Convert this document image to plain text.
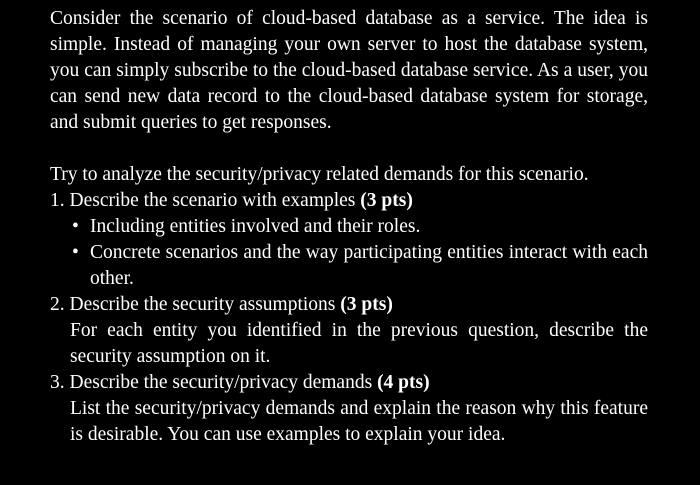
Consider the scenario of cloud-based database as a service. The idea is simple. Instead of managing your own server to host the database system, you can simply subscribe to the cloud-based database service. As a user, you can send new data record to the cloud-based database system for storage, and submit queries to get responses.
Try to analyze the security/privacy related demands for this scenario.
1. Describe the scenario with examples (3 pts)
• Including entities involved and their roles.
• Concrete scenarios and the way participating entities interact with each other.
2. Describe the security assumptions (3 pts)
For each entity you identified in the previous question, describe the security assumption on it.
3. Describe the security/privacy demands (4 pts)
List the security/privacy demands and explain the reason why this feature is desirable. You can use examples to explain your idea.
